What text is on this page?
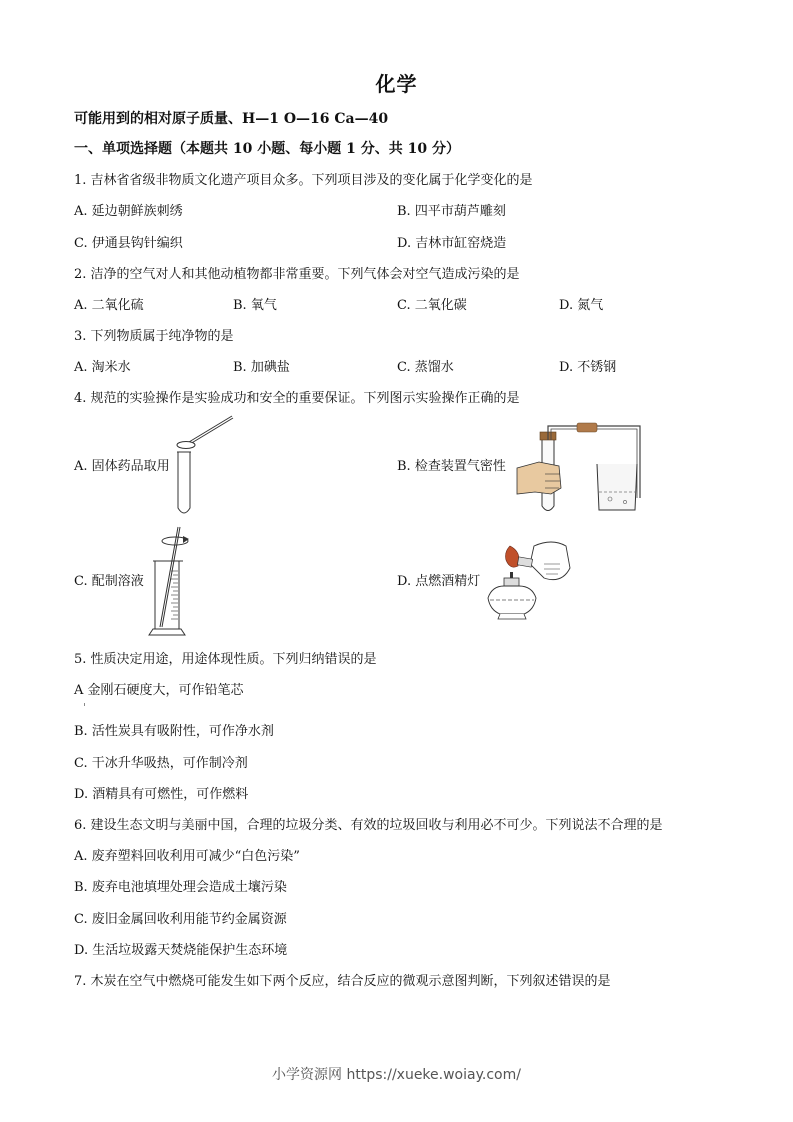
化学
可能用到的相对原子质量、H—1 O—16 Ca—40
一、单项选择题（本题共 10 小题、每小题 1 分、共 10 分）
1. 吉林省省级非物质文化遗产项目众多。下列项目涉及的变化属于化学变化的是
A. 延边朝鲜族刺绣	B. 四平市葫芦雕刻
C. 伊通县钩针编织	D. 吉林市缸窑烧造
2. 洁净的空气对人和其他动植物都非常重要。下列气体会对空气造成污染的是
A. 二氧化硫	B. 氧气	C. 二氧化碳	D. 氮气
3. 下列物质属于纯净物的是
A. 淘米水	B. 加碘盐	C. 蒸馏水	D. 不锈钢
4. 规范的实验操作是实验成功和安全的重要保证。下列图示实验操作正确的是
A. 固体药品取用	B. 检查装置气密性
C. 配制溶液	D. 点燃酒精灯
5. 性质决定用途，用途体现性质。下列归纳错误的是
A 金刚石硬度大，可作铅笔芯
B. 活性炭具有吸附性，可作净水剂
C. 干冰升华吸热，可作制冷剂
D. 酒精具有可燃性，可作燃料
6. 建设生态文明与美丽中国，合理的垃圾分类、有效的垃圾回收与利用必不可少。下列说法不合理的是
A. 废弃塑料回收利用可减少“白色污染”
B. 废弃电池填埋处理会造成土壤污染
C. 废旧金属回收利用能节约金属资源
D. 生活垃圾露天焚烧能保护生态环境
7. 木炭在空气中燃烧可能发生如下两个反应，结合反应的微观示意图判断，下列叙述错误的是
小学资源网 https://xueke.woiay.com/
